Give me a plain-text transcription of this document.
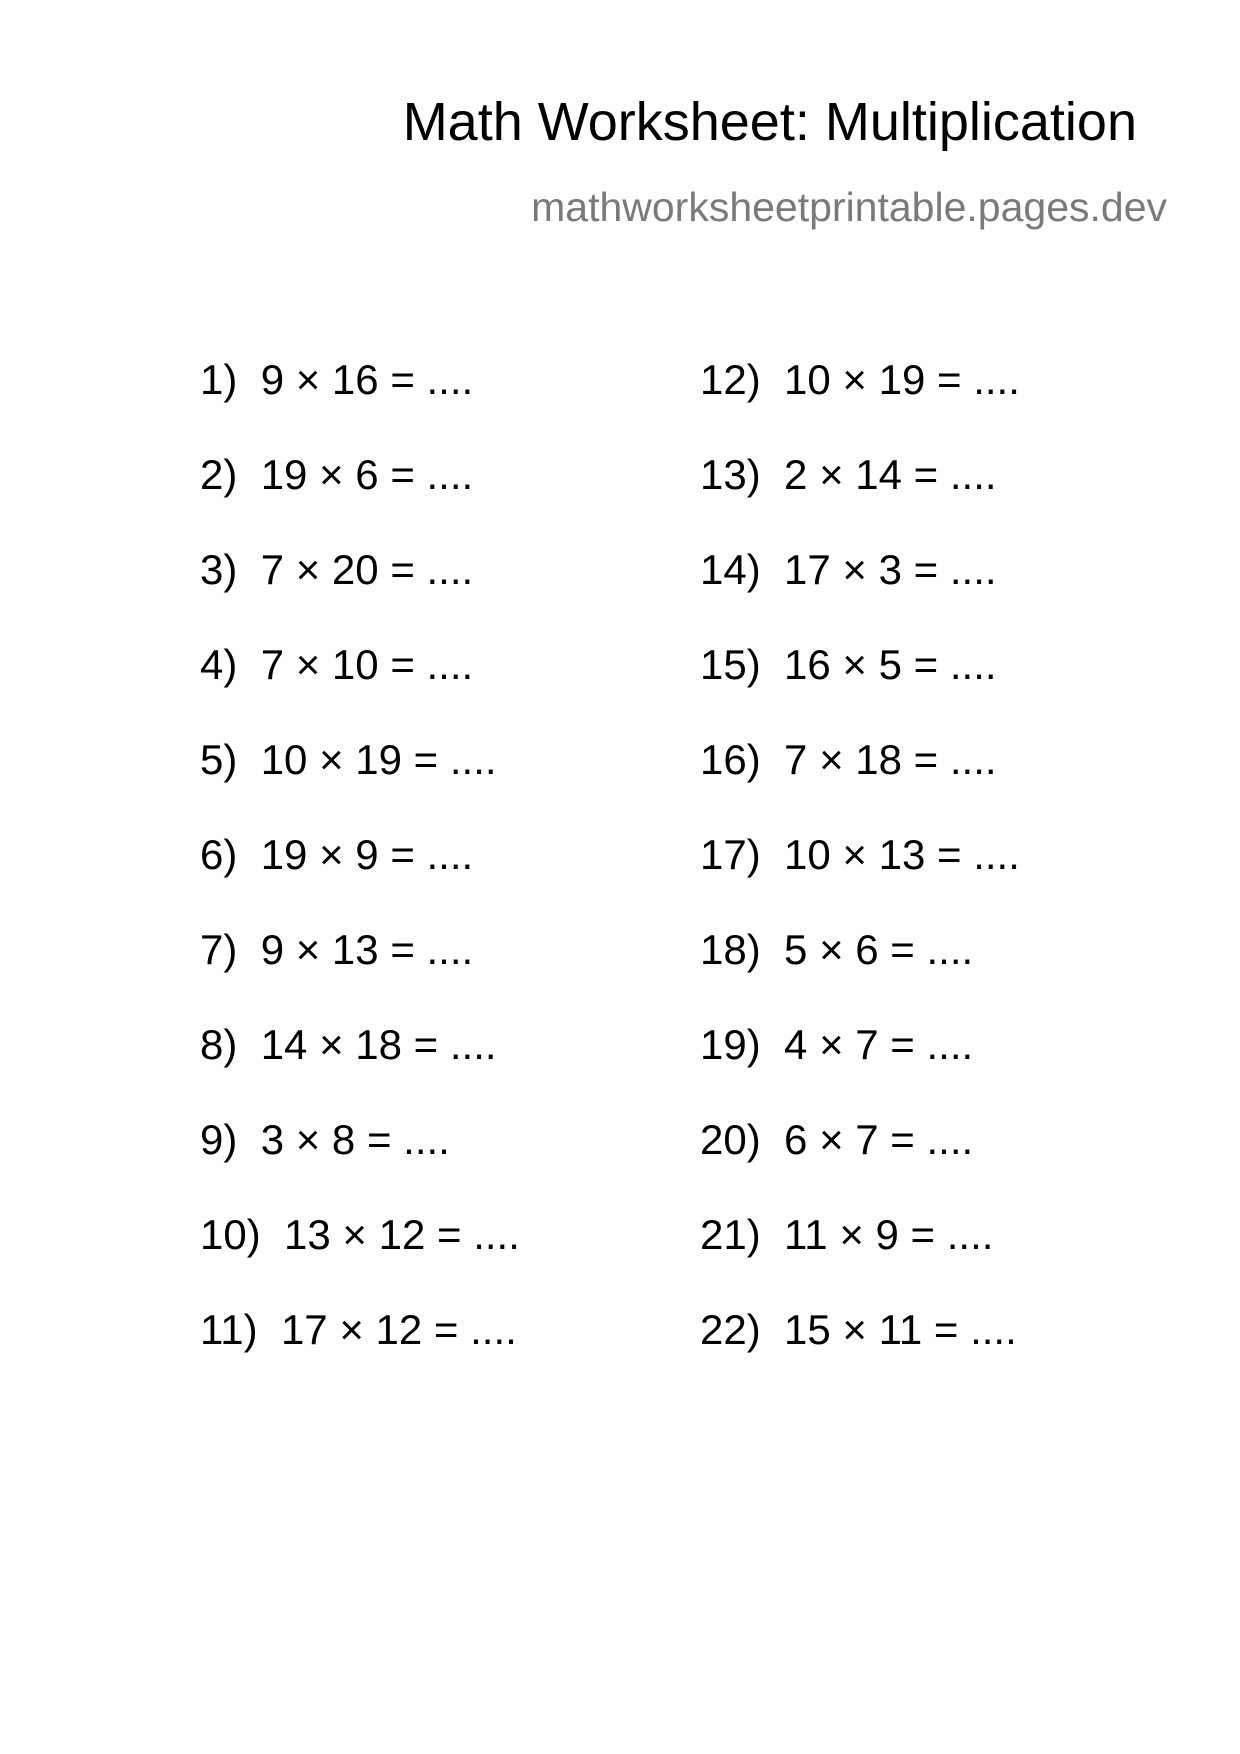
Math Worksheet: Multiplication
mathworksheetprintable.pages.dev
1) 9 × 16 = ....
2) 19 × 6 = ....
3) 7 × 20 = ....
4) 7 × 10 = ....
5) 10 × 19 = ....
6) 19 × 9 = ....
7) 9 × 13 = ....
8) 14 × 18 = ....
9) 3 × 8 = ....
10) 13 × 12 = ....
11) 17 × 12 = ....
12) 10 × 19 = ....
13) 2 × 14 = ....
14) 17 × 3 = ....
15) 16 × 5 = ....
16) 7 × 18 = ....
17) 10 × 13 = ....
18) 5 × 6 = ....
19) 4 × 7 = ....
20) 6 × 7 = ....
21) 11 × 9 = ....
22) 15 × 11 = ....
